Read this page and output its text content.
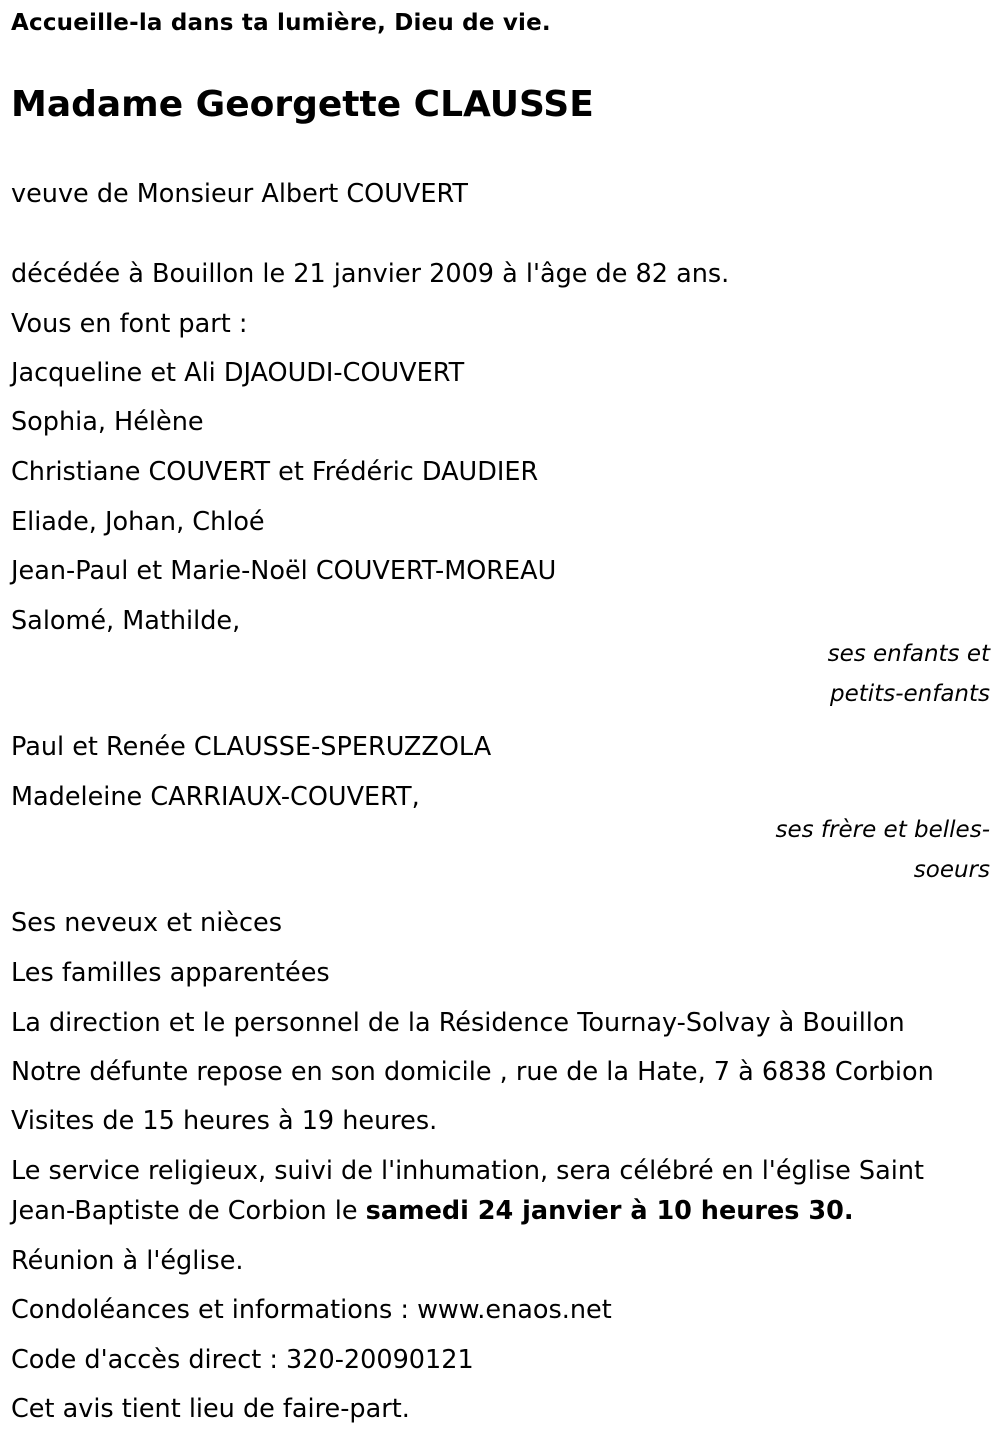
Accueille-la dans ta lumière, Dieu de vie.
Madame Georgette CLAUSSE
veuve de Monsieur Albert COUVERT
décédée à Bouillon le 21 janvier 2009 à l'âge de 82 ans.
Vous en font part :
Jacqueline et Ali DJAOUDI-COUVERT
Sophia, Hélène
Christiane COUVERT et Frédéric DAUDIER
Eliade, Johan, Chloé
Jean-Paul et Marie-Noël COUVERT-MOREAU
Salomé, Mathilde,
ses enfants et
petits-enfants
Paul et Renée CLAUSSE-SPERUZZOLA
Madeleine CARRIAUX-COUVERT,
ses frère et belles-
soeurs
Ses neveux et nièces
Les familles apparentées
La direction et le personnel de la Résidence Tournay-Solvay à Bouillon
Notre défunte repose en son domicile , rue de la Hate, 7 à 6838 Corbion
Visites de 15 heures à 19 heures.
Le service religieux, suivi de l'inhumation, sera célébré en l'église Saint Jean-Baptiste de Corbion le samedi 24 janvier à 10 heures 30.
Réunion à l'église.
Condoléances et informations : www.enaos.net
Code d'accès direct : 320-20090121
Cet avis tient lieu de faire-part.
